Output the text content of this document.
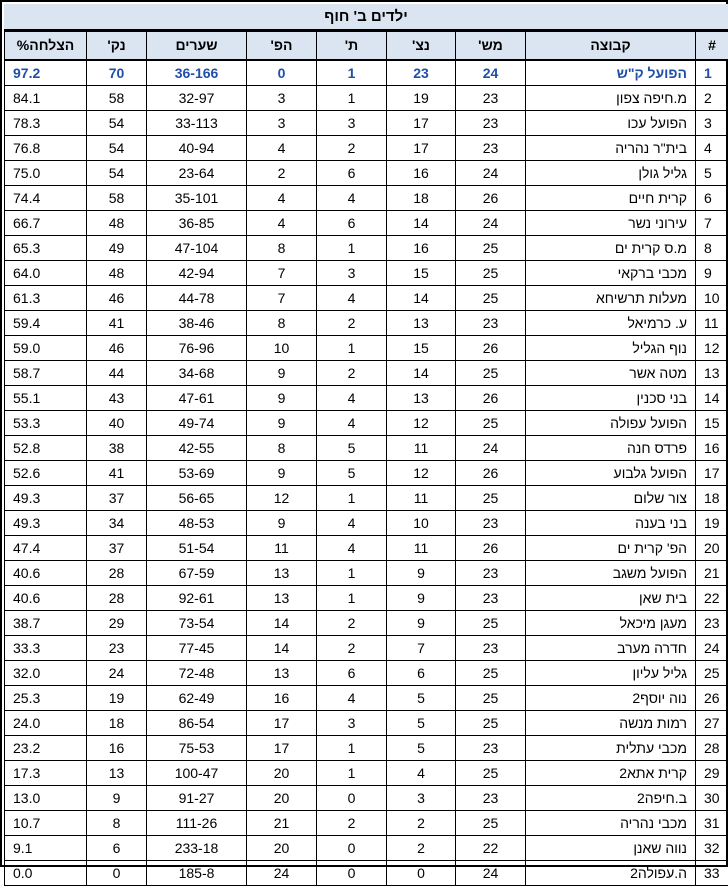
ילדים ב' חוף
#	קבוצה	מש'	נצ'	ת'	הפ'	שערים	נק'	הצלחה%
1	הפועל ק"ש	24	23	1	0	36-166	70	97.2
2	מ.חיפה צפון	23	19	1	3	32-97	58	84.1
3	הפועל עכו	23	17	3	3	33-113	54	78.3
4	בית"ר נהריה	23	17	2	4	40-94	54	76.8
5	גליל גולן	24	16	6	2	23-64	54	75.0
6	קרית חיים	26	18	4	4	35-101	58	74.4
7	עירוני נשר	24	14	6	4	36-85	48	66.7
8	מ.ס קרית ים	25	16	1	8	47-104	49	65.3
9	מכבי ברקאי	25	15	3	7	42-94	48	64.0
10	מעלות תרשיחא	25	14	4	7	44-78	46	61.3
11	ע. כרמיאל	23	13	2	8	38-46	41	59.4
12	נוף הגליל	26	15	1	10	76-96	46	59.0
13	מטה אשר	25	14	2	9	34-68	44	58.7
14	בני סכנין	26	13	4	9	47-61	43	55.1
15	הפועל עפולה	25	12	4	9	49-74	40	53.3
16	פרדס חנה	24	11	5	8	42-55	38	52.8
17	הפועל גלבוע	26	12	5	9	53-69	41	52.6
18	צור שלום	25	11	1	12	56-65	37	49.3
19	בני בענה	23	10	4	9	48-53	34	49.3
20	הפ' קרית ים	26	11	4	11	51-54	37	47.4
21	הפועל משגב	23	9	1	13	67-59	28	40.6
22	בית שאן	23	9	1	13	92-61	28	40.6
23	מעגן מיכאל	25	9	2	14	73-54	29	38.7
24	חדרה מערב	23	7	2	14	77-45	23	33.3
25	גליל עליון	25	6	6	13	72-48	24	32.0
26	נוה יוסף2	25	5	4	16	62-49	19	25.3
27	רמות מנשה	25	5	3	17	86-54	18	24.0
28	מכבי עתלית	23	5	1	17	75-53	16	23.2
29	קרית אתא2	25	4	1	20	100-47	13	17.3
30	ב.חיפה2	23	3	0	20	91-27	9	13.0
31	מכבי נהריה	25	2	2	21	111-26	8	10.7
32	נווה שאנן	22	2	0	20	233-18	6	9.1
33	ה.עפולה2	24	0	0	24	185-8	0	0.0
